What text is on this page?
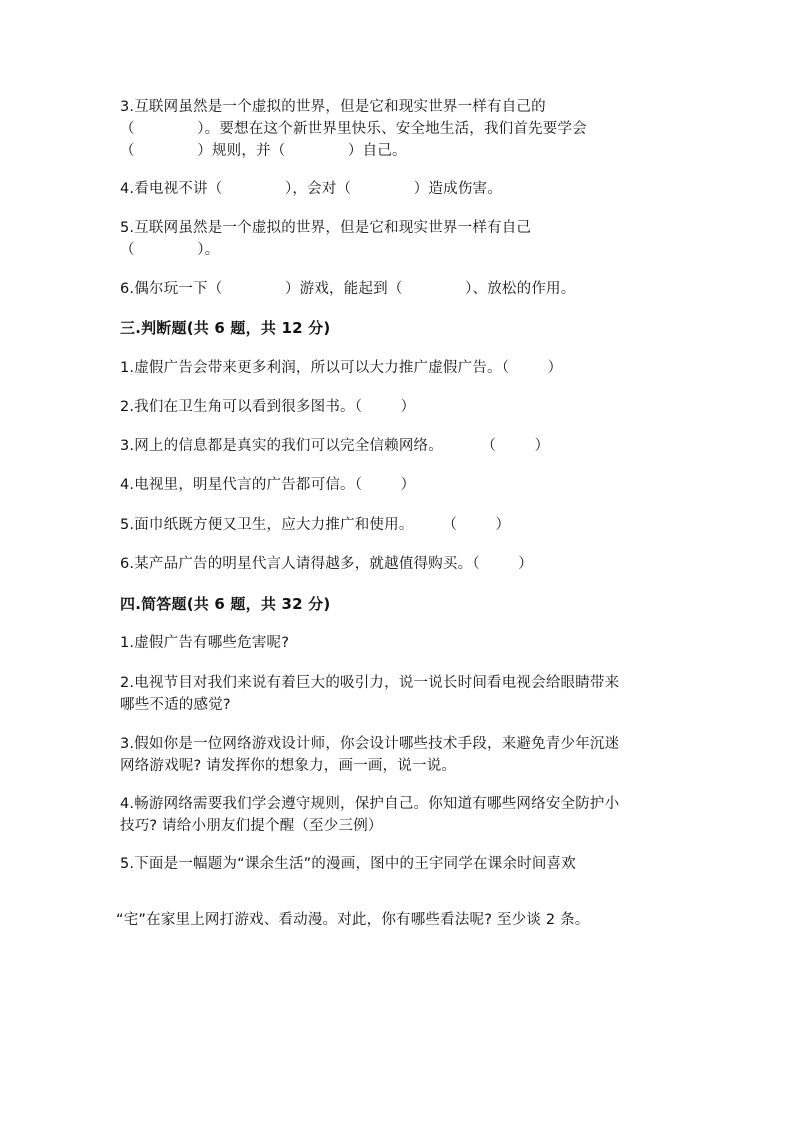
3.互联网虽然是一个虚拟的世界，但是它和现实世界一样有自己的
（             ）。要想在这个新世界里快乐、安全地生活，我们首先要学会
（             ）规则，并（             ）自己。
4.看电视不讲（             ），会对（             ）造成伤害。
5.互联网虽然是一个虚拟的世界，但是它和现实世界一样有自己
（             ）。
6.偶尔玩一下（             ）游戏，能起到（             ）、放松的作用。
三.判断题(共 6 题，共 12 分)
1.虚假广告会带来更多利润，所以可以大力推广虚假广告。（        ）
2.我们在卫生角可以看到很多图书。（        ）
3.网上的信息都是真实的我们可以完全信赖网络。        （        ）
4.电视里，明星代言的广告都可信。（        ）
5.面巾纸既方便又卫生，应大力推广和使用。      （        ）
6.某产品广告的明星代言人请得越多，就越值得购买。（        ）
四.简答题(共 6 题，共 32 分)
1.虚假广告有哪些危害呢?
2.电视节目对我们来说有着巨大的吸引力，说一说长时间看电视会给眼睛带来
哪些不适的感觉?
3.假如你是一位网络游戏设计师，你会设计哪些技术手段，来避免青少年沉迷
网络游戏呢? 请发挥你的想象力，画一画，说一说。
4.畅游网络需要我们学会遵守规则，保护自己。你知道有哪些网络安全防护小
技巧? 请给小朋友们提个醒（至少三例）
5.下面是一幅题为“课余生活”的漫画，图中的王宇同学在课余时间喜欢
“宅”在家里上网打游戏、看动漫。对此，你有哪些看法呢? 至少谈 2 条。
